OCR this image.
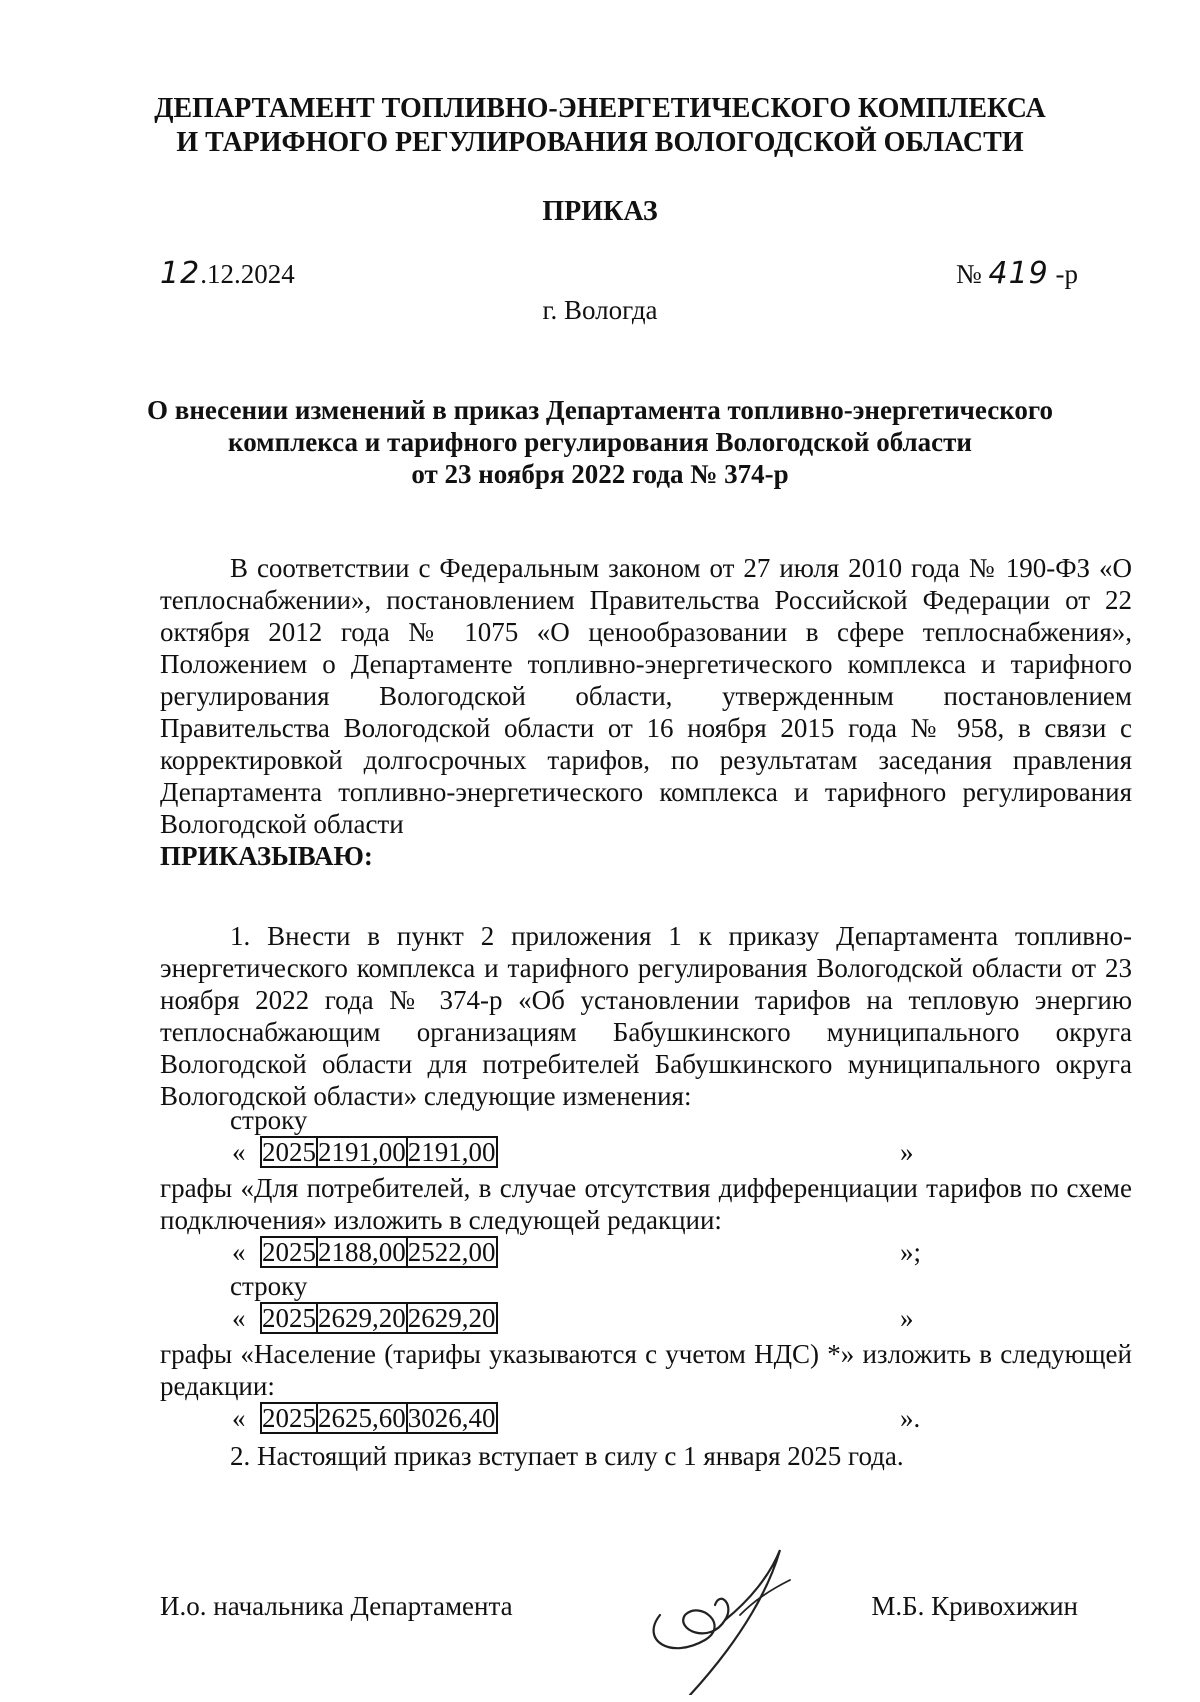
ДЕПАРТАМЕНТ ТОПЛИВНО-ЭНЕРГЕТИЧЕСКОГО КОМПЛЕКСА
И ТАРИФНОГО РЕГУЛИРОВАНИЯ ВОЛОГОДСКОЙ ОБЛАСТИ
ПРИКАЗ
12.12.2024	№ 419 -р
г. Вологда
О внесении изменений в приказ Департамента топливно-энергетического
комплекса и тарифного регулирования Вологодской области
от 23 ноября 2022 года № 374-р
В соответствии с Федеральным законом от 27 июля 2010 года № 190-ФЗ «О теплоснабжении», постановлением Правительства Российской Федерации от 22 октября 2012 года № 1075 «О ценообразовании в сфере теплоснабжения», Положением о Департаменте топливно-энергетического комплекса и тарифного регулирования Вологодской области, утвержденным постановлением Правительства Вологодской области от 16 ноября 2015 года № 958, в связи с корректировкой долгосрочных тарифов, по результатам заседания правления Департамента топливно-энергетического комплекса и тарифного регулирования Вологодской области
ПРИКАЗЫВАЮ:
1. Внести в пункт 2 приложения 1 к приказу Департамента топливно-энергетического комплекса и тарифного регулирования Вологодской области от 23 ноября 2022 года № 374-р «Об установлении тарифов на тепловую энергию теплоснабжающим организациям Бабушкинского муниципального округа Вологодской области для потребителей Бабушкинского муниципального округа Вологодской области» следующие изменения:
строку
« 2025	2191,00	2191,00	»
графы «Для потребителей, в случае отсутствия дифференциации тарифов по схеме подключения» изложить в следующей редакции:
« 2025	2188,00	2522,00	»;
строку
« 2025	2629,20	2629,20	»
графы «Население (тарифы указываются с учетом НДС) *» изложить в следующей редакции:
« 2025	2625,60	3026,40	».
2. Настоящий приказ вступает в силу с 1 января 2025 года.
И.о. начальника Департамента	М.Б. Кривохижин
